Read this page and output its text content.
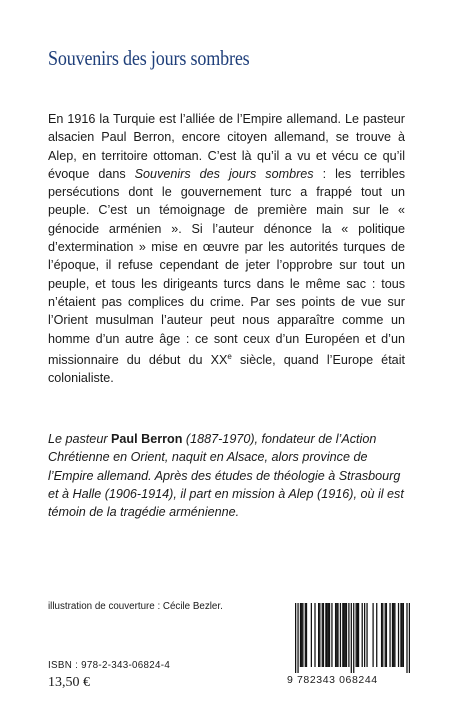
Souvenirs des jours sombres

En 1916 la Turquie est l’alliée de l’Empire allemand. Le pasteur alsacien Paul Berron, encore citoyen allemand, se trouve à Alep, en territoire ottoman. C’est là qu’il a vu et vécu ce qu’il évoque dans Souvenirs des jours sombres : les terribles persécutions dont le gouvernement turc a frappé tout un peuple. C’est un témoignage de première main sur le « génocide arménien ». Si l’auteur dénonce la « politique d’extermination » mise en œuvre par les autorités turques de l’époque, il refuse cependant de jeter l’opprobre sur tout un peuple, et tous les dirigeants turcs dans le même sac : tous n’étaient pas complices du crime. Par ses points de vue sur l’Orient musulman l’auteur peut nous apparaître comme un homme d’un autre âge : ce sont ceux d’un Européen et d’un missionnaire du début du XXe siècle, quand l’Europe était colonialiste.

Le pasteur Paul Berron (1887-1970), fondateur de l’Action Chrétienne en Orient, naquit en Alsace, alors province de l’Empire allemand. Après des études de théologie à Strasbourg et à Halle (1906-1914), il part en mission à Alep (1916), où il est témoin de la tragédie arménienne.

illustration de couverture : Cécile Bezler.
ISBN : 978-2-343-06824-4
13,50 €	9 782343 068244
